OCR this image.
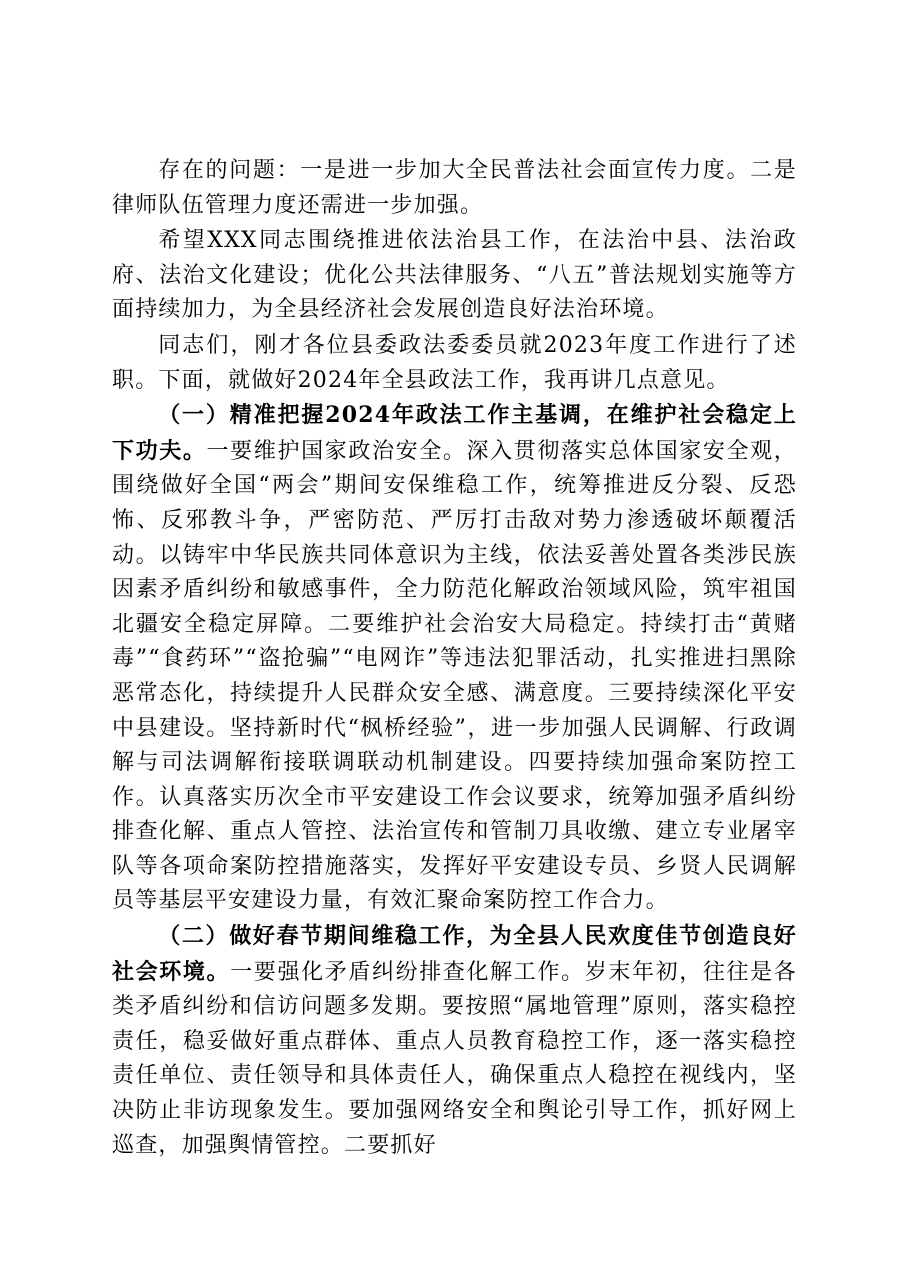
存在的问题：一是进一步加大全民普法社会面宣传力度。二是律师队伍管理力度还需进一步加强。

希望XXX同志围绕推进依法治县工作，在法治中县、法治政府、法治文化建设；优化公共法律服务、“八五”普法规划实施等方面持续加力，为全县经济社会发展创造良好法治环境。

同志们，刚才各位县委政法委委员就2023年度工作进行了述职。下面，就做好2024年全县政法工作，我再讲几点意见。

（一）精准把握2024年政法工作主基调，在维护社会稳定上下功夫。一要维护国家政治安全。深入贯彻落实总体国家安全观，围绕做好全国“两会”期间安保维稳工作，统筹推进反分裂、反恐怖、反邪教斗争，严密防范、严厉打击敌对势力渗透破坏颠覆活动。以铸牢中华民族共同体意识为主线，依法妥善处置各类涉民族因素矛盾纠纷和敏感事件，全力防范化解政治领域风险，筑牢祖国北疆安全稳定屏障。二要维护社会治安大局稳定。持续打击“黄赌毒”“食药环”“盗抢骗”“电网诈”等违法犯罪活动，扎实推进扫黑除恶常态化，持续提升人民群众安全感、满意度。三要持续深化平安中县建设。坚持新时代“枫桥经验”，进一步加强人民调解、行政调解与司法调解衔接联调联动机制建设。四要持续加强命案防控工作。认真落实历次全市平安建设工作会议要求，统筹加强矛盾纠纷排查化解、重点人管控、法治宣传和管制刀具收缴、建立专业屠宰队等各项命案防控措施落实，发挥好平安建设专员、乡贤人民调解员等基层平安建设力量，有效汇聚命案防控工作合力。

（二）做好春节期间维稳工作，为全县人民欢度佳节创造良好社会环境。一要强化矛盾纠纷排查化解工作。岁末年初，往往是各类矛盾纠纷和信访问题多发期。要按照“属地管理”原则，落实稳控责任，稳妥做好重点群体、重点人员教育稳控工作，逐一落实稳控责任单位、责任领导和具体责任人，确保重点人稳控在视线内，坚决防止非访现象发生。要加强网络安全和舆论引导工作，抓好网上巡查，加强舆情管控。二要抓好
